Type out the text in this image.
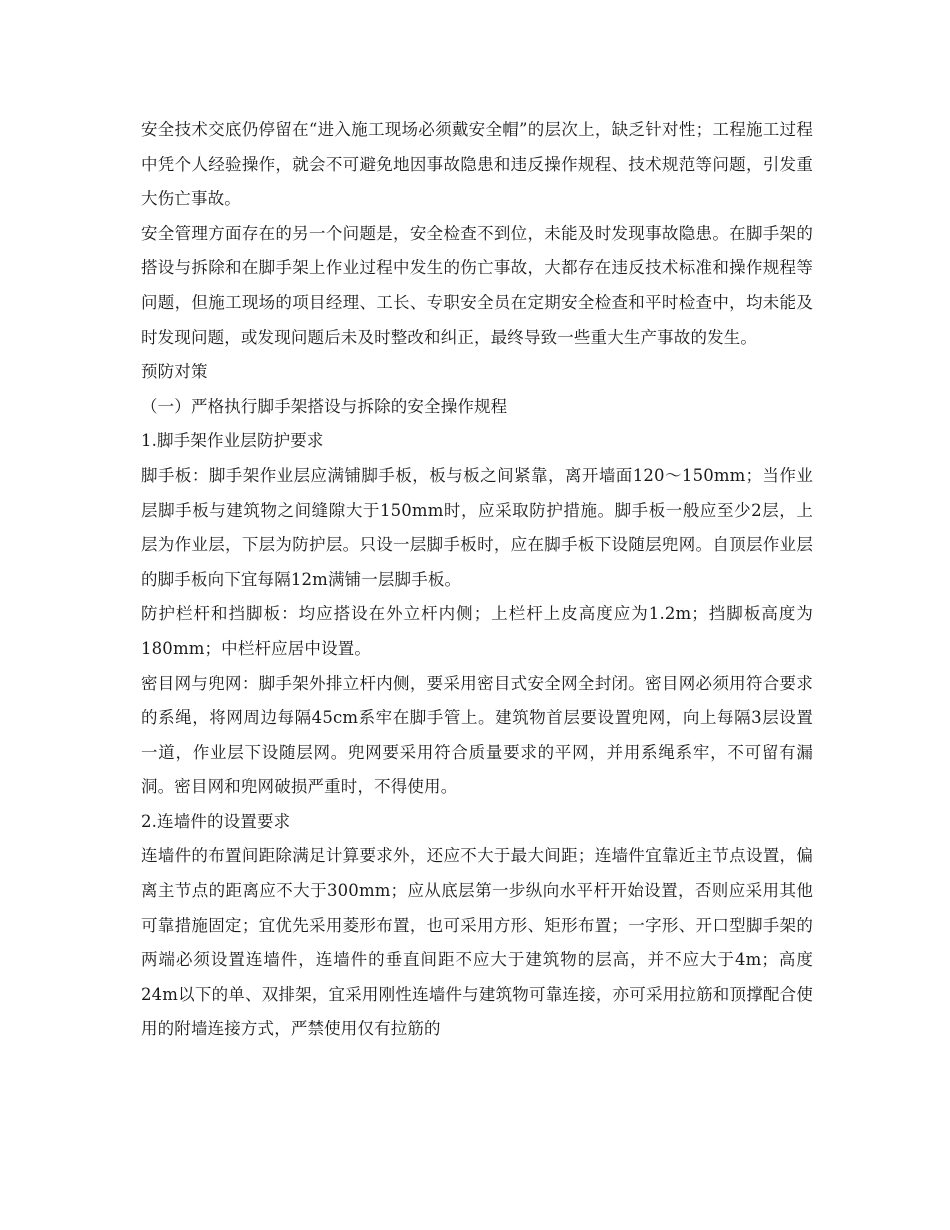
安全技术交底仍停留在“进入施工现场必须戴安全帽”的层次上，缺乏针对性；工程施工过程中凭个人经验操作，就会不可避免地因事故隐患和违反操作规程、技术规范等问题，引发重大伤亡事故。

安全管理方面存在的另一个问题是，安全检查不到位，未能及时发现事故隐患。在脚手架的搭设与拆除和在脚手架上作业过程中发生的伤亡事故，大都存在违反技术标准和操作规程等问题，但施工现场的项目经理、工长、专职安全员在定期安全检查和平时检查中，均未能及时发现问题，或发现问题后未及时整改和纠正，最终导致一些重大生产事故的发生。

预防对策

（一）严格执行脚手架搭设与拆除的安全操作规程

1.脚手架作业层防护要求

脚手板：脚手架作业层应满铺脚手板，板与板之间紧靠，离开墙面120～150mm；当作业层脚手板与建筑物之间缝隙大于150mm时，应采取防护措施。脚手板一般应至少2层，上层为作业层，下层为防护层。只设一层脚手板时，应在脚手板下设随层兜网。自顶层作业层的脚手板向下宜每隔12m满铺一层脚手板。

防护栏杆和挡脚板：均应搭设在外立杆内侧；上栏杆上皮高度应为1.2m；挡脚板高度为180mm；中栏杆应居中设置。

密目网与兜网：脚手架外排立杆内侧，要采用密目式安全网全封闭。密目网必须用符合要求的系绳，将网周边每隔45cm系牢在脚手管上。建筑物首层要设置兜网，向上每隔3层设置一道，作业层下设随层网。兜网要采用符合质量要求的平网，并用系绳系牢，不可留有漏洞。密目网和兜网破损严重时，不得使用。

2.连墙件的设置要求

连墙件的布置间距除满足计算要求外，还应不大于最大间距；连墙件宜靠近主节点设置，偏离主节点的距离应不大于300mm；应从底层第一步纵向水平杆开始设置，否则应采用其他可靠措施固定；宜优先采用菱形布置，也可采用方形、矩形布置；一字形、开口型脚手架的两端必须设置连墙件，连墙件的垂直间距不应大于建筑物的层高，并不应大于4m；高度24m以下的单、双排架，宜采用刚性连墙件与建筑物可靠连接，亦可采用拉筋和顶撑配合使用的附墙连接方式，严禁使用仅有拉筋的
